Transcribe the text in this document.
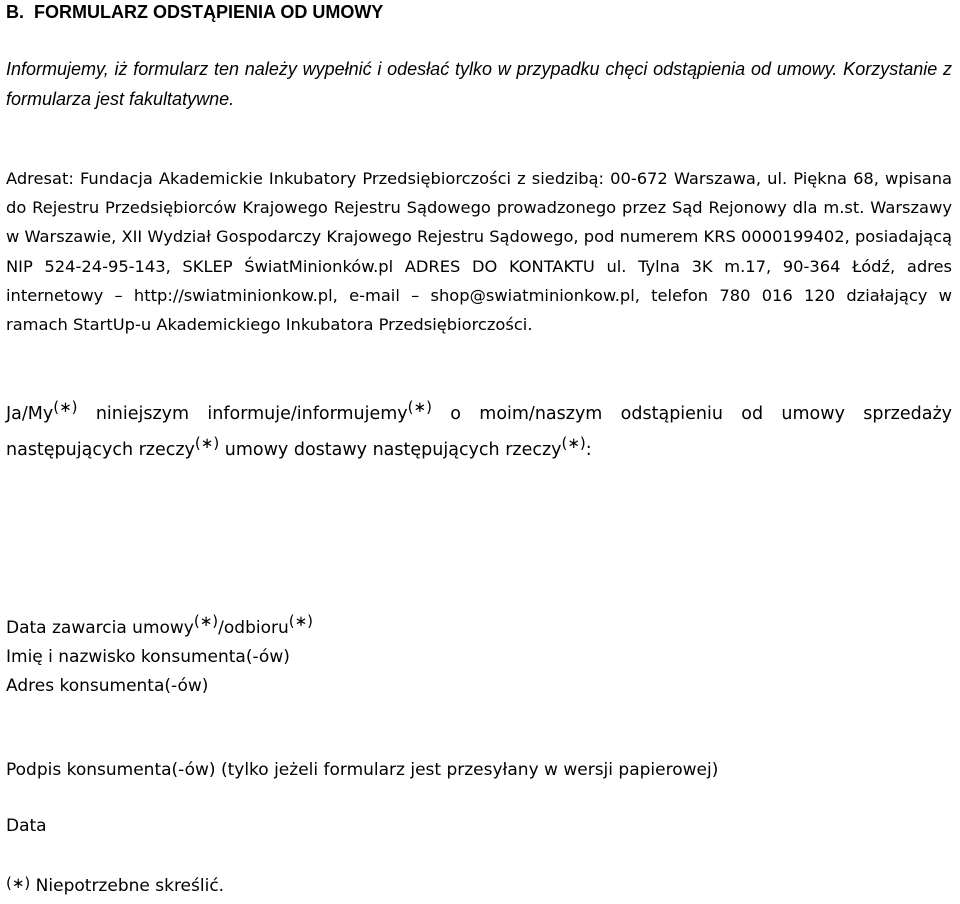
B.  FORMULARZ ODSTĄPIENIA OD UMOWY
Informujemy, iż formularz ten należy wypełnić i odesłać tylko w przypadku chęci odstąpienia od umowy. Korzystanie z formularza jest fakultatywne.
Adresat: Fundacja Akademickie Inkubatory Przedsiębiorczości z siedzibą: 00-672 Warszawa, ul. Piękna 68, wpisana do Rejestru Przedsiębiorców Krajowego Rejestru Sądowego prowadzonego przez Sąd Rejonowy dla m.st. Warszawy w Warszawie, XII Wydział Gospodarczy Krajowego Rejestru Sądowego, pod numerem KRS 0000199402, posiadającą NIP 524-24-95-143, SKLEP ŚwiatMinionków.pl ADRES DO KONTAKTU ul. Tylna 3K m.17, 90-364 Łódź, adres internetowy – http://swiatminionkow.pl, e-mail – shop@swiatminionkow.pl, telefon 780 016 120 działający w ramach StartUp-u Akademickiego Inkubatora Przedsiębiorczości.
Ja/My(∗) niniejszym informuje/informujemy(∗) o moim/naszym odstąpieniu od umowy sprzedaży następujących rzeczy(∗) umowy dostawy następujących rzeczy(∗):
Data zawarcia umowy(∗)/odbioru(∗)
Imię i nazwisko konsumenta(-ów)
Adres konsumenta(-ów)
Podpis konsumenta(-ów) (tylko jeżeli formularz jest przesyłany w wersji papierowej)
Data
(∗) Niepotrzebne skreślić.
